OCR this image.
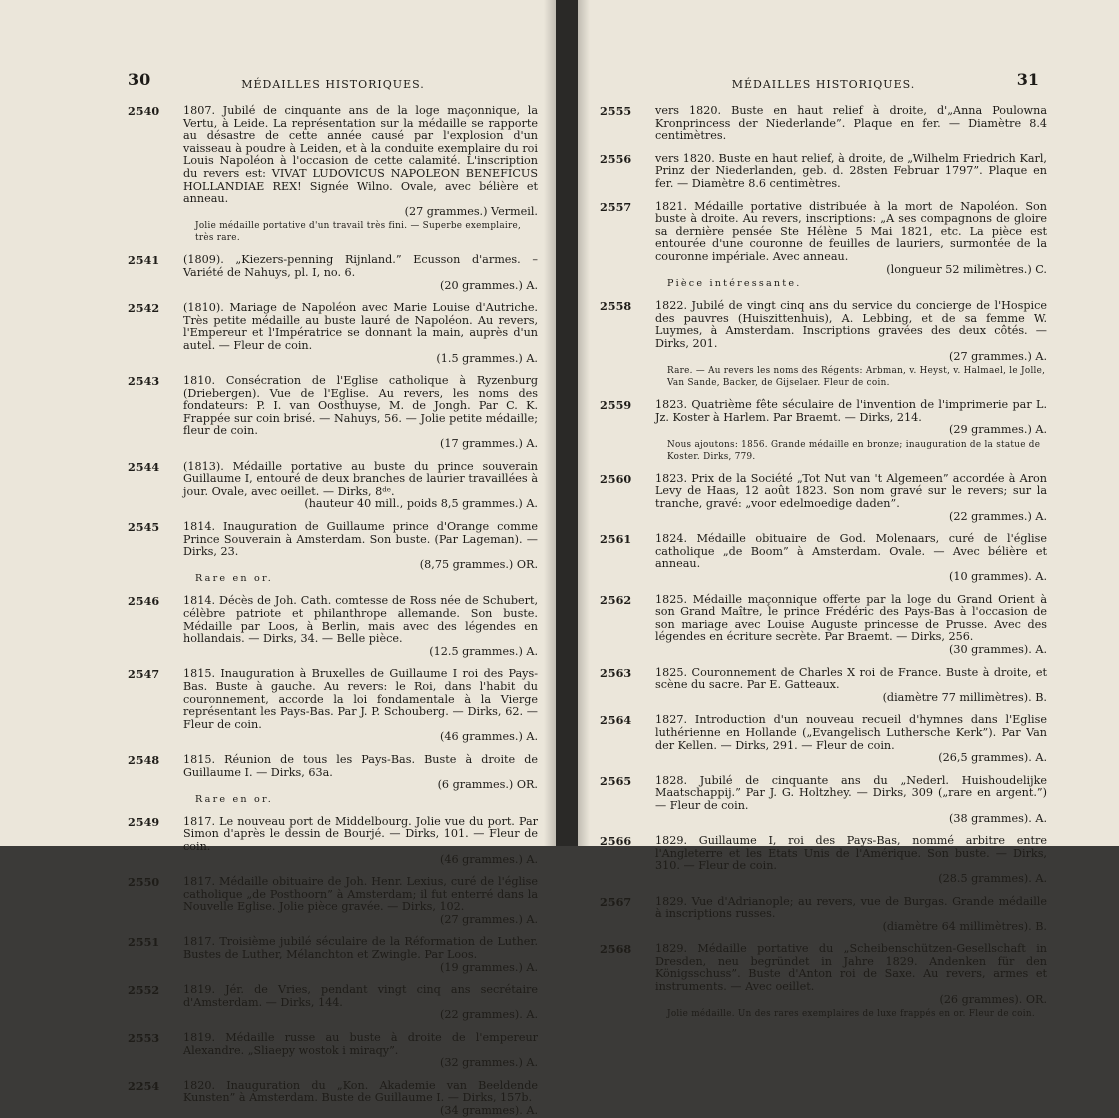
30	MÉDAILLES HISTORIQUES.
2540 1807. Jubilé de cinquante ans de la loge maçonnique, la Vertu, à Leide. La représentation sur la médaille se rapporte au désastre de cette année causé par l'explosion d'un vaisseau à poudre à Leiden, et à la conduite exemplaire du roi Louis Napoléon à l'occasion de cette calamité. L'inscription du revers est: VIVAT LUDOVICUS NAPOLEON BENEFICUS HOLLANDIAE REX! Signée Wilno. Ovale, avec bélière et anneau.
(27 grammes.) Vermeil.
Jolie médaille portative d'un travail très fini. — Superbe exemplaire, très rare.
2541 (1809). „Kiezers-penning Rijnland.” Ecusson d'armes. – Variété de Nahuys, pl. I, no. 6.
(20 grammes.) A.
2542 (1810). Mariage de Napoléon avec Marie Louise d'Autriche. Très petite médaille au buste lauré de Napoléon. Au revers, l'Empereur et l'Impératrice se donnant la main, auprès d'un autel. — Fleur de coin.
(1.5 grammes.) A.
2543 1810. Consécration de l'Eglise catholique à Ryzenburg (Driebergen). Vue de l'Eglise. Au revers, les noms des fondateurs: P. I. van Oosthuyse, M. de Jongh. Par C. K. Frappée sur coin brisé. — Nahuys, 56. — Jolie petite médaille; fleur de coin.
(17 grammes.) A.
2544 (1813). Médaille portative au buste du prince souverain Guillaume I, entouré de deux branches de laurier travaillées à jour. Ovale, avec oeillet. — Dirks, 8ᵈᵉ.
(hauteur 40 mill., poids 8,5 grammes.) A.
2545 1814. Inauguration de Guillaume prince d'Orange comme Prince Souverain à Amsterdam. Son buste. (Par Lageman). — Dirks, 23.
(8,75 grammes.) OR.
Rare en or.
2546 1814. Décès de Joh. Cath. comtesse de Ross née de Schubert, célèbre patriote et philanthrope allemande. Son buste. Médaille par Loos, à Berlin, mais avec des légendes en hollandais. — Dirks, 34. — Belle pièce.
(12.5 grammes.) A.
2547 1815. Inauguration à Bruxelles de Guillaume I roi des Pays-Bas. Buste à gauche. Au revers: le Roi, dans l'habit du couronnement, accorde la loi fondamentale à la Vierge représentant les Pays-Bas. Par J. P. Schouberg. — Dirks, 62. — Fleur de coin.
(46 grammes.) A.
2548 1815. Réunion de tous les Pays-Bas. Buste à droite de Guillaume I. — Dirks, 63a.
(6 grammes.) OR.
Rare en or.
2549 1817. Le nouveau port de Middelbourg. Jolie vue du port. Par Simon d'après le dessin de Bourjé. — Dirks, 101. — Fleur de coin.
(46 grammes.) A.
2550 1817. Médaille obituaire de Joh. Henr. Lexius, curé de l'église catholique „de Posthoorn” à Amsterdam; il fut enterré dans la Nouvelle Eglise. Jolie pièce gravée. — Dirks, 102.
(27 grammes.) A.
2551 1817. Troisième jubilé séculaire de la Réformation de Luther. Bustes de Luther, Mélanchton et Zwingle. Par Loos.
(19 grammes.) A.
2552 1819. Jér. de Vries, pendant vingt cinq ans secrétaire d'Amsterdam. — Dirks, 144.
(22 grammes). A.
2553 1819. Médaille russe au buste à droite de l'empereur Alexandre. „Sliaepy wostok i miraqy”.
(32 grammes.) A.
2254 1820. Inauguration du „Kon. Akademie van Beeldende Kunsten” à Amsterdam. Buste de Guillaume I. — Dirks, 157b.
(34 grammes). A.
31
MÉDAILLES HISTORIQUES.
2555 vers 1820. Buste en haut relief à droite, d'„Anna Poulowna Kronprincess der Niederlande”. Plaque en fer. — Diamètre 8.4 centimètres.
2556 vers 1820. Buste en haut relief, à droite, de „Wilhelm Friedrich Karl, Prinz der Niederlanden, geb. d. 28sten Februar 1797”. Plaque en fer. — Diamètre 8.6 centimètres.
2557 1821. Médaille portative distribuée à la mort de Napoléon. Son buste à droite. Au revers, inscriptions: „A ses compagnons de gloire sa dernière pensée Ste Hélène 5 Mai 1821, etc. La pièce est entourée d'une couronne de feuilles de lauriers, surmontée de la couronne impériale. Avec anneau.
(longueur 52 milimètres.) C.
Pièce intéressante.
2558 1822. Jubilé de vingt cinq ans du service du concierge de l'Hospice des pauvres (Huiszittenhuis), A. Lebbing, et de sa femme W. Luymes, à Amsterdam. Inscriptions gravées des deux côtés. — Dirks, 201.
(27 grammes.) A.
Rare. — Au revers les noms des Régents: Arbman, v. Heyst, v. Halmael, le Jolle, Van Sande, Backer, de Gijselaer. Fleur de coin.
2559 1823. Quatrième fête séculaire de l'invention de l'imprimerie par L. Jz. Koster à Harlem. Par Braemt. — Dirks, 214.
(29 grammes.) A.
Nous ajoutons: 1856. Grande médaille en bronze; inauguration de la statue de Koster. Dirks, 779.
2560 1823. Prix de la Société „Tot Nut van 't Algemeen” accordée à Aron Levy de Haas, 12 août 1823. Son nom gravé sur le revers; sur la tranche, gravé: „voor edelmoedige daden”.
(22 grammes.) A.
2561 1824. Médaille obituaire de God. Molenaars, curé de l'église catholique „de Boom” à Amsterdam. Ovale. — Avec bélière et anneau.
(10 grammes). A.
2562 1825. Médaille maçonnique offerte par la loge du Grand Orient à son Grand Maître, le prince Frédéric des Pays-Bas à l'occasion de son mariage avec Louise Auguste princesse de Prusse. Avec des légendes en écriture secrète. Par Braemt. — Dirks, 256.
(30 grammes). A.
2563 1825. Couronnement de Charles X roi de France. Buste à droite, et scène du sacre. Par E. Gatteaux.
(diamètre 77 millimètres). B.
2564 1827. Introduction d'un nouveau recueil d'hymnes dans l'Eglise luthérienne en Hollande („Evangelisch Luthersche Kerk”). Par Van der Kellen. — Dirks, 291. — Fleur de coin.
(26,5 grammes). A.
2565 1828. Jubilé de cinquante ans du „Nederl. Huishoudelijke Maatschappij.” Par J. G. Holtzhey. — Dirks, 309 („rare en argent.”) — Fleur de coin.
(38 grammes). A.
2566 1829. Guillaume I, roi des Pays-Bas, nommé arbitre entre l'Angleterre et les Etats Unis de l'Amérique. Son buste. — Dirks, 310. — Fleur de coin.
(28.5 grammes). A.
2567 1829. Vue d'Adrianople; au revers, vue de Burgas. Grande médaille à inscriptions russes.
(diamètre 64 millimètres). B.
2568 1829. Médaille portative du „Scheibenschützen-Gesellschaft in Dresden, neu begründet in Jahre 1829. Andenken für den Königsschuss”. Buste d'Anton roi de Saxe. Au revers, armes et instruments. — Avec oeillet.
(26 grammes). OR.
Jolie médaille. Un des rares exemplaires de luxe frappés en or. Fleur de coin.
